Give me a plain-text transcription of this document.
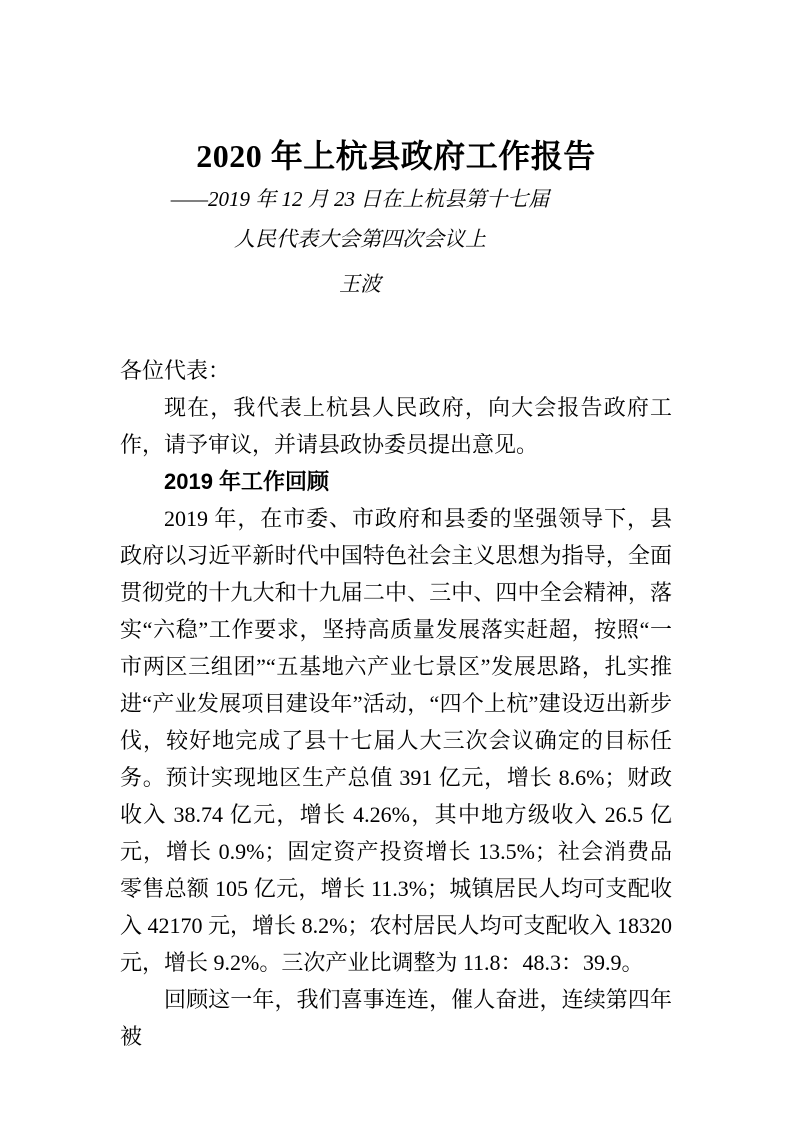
2020 年上杭县政府工作报告
——2019 年 12 月 23 日在上杭县第十七届
人民代表大会第四次会议上
王波

各位代表：

现在，我代表上杭县人民政府，向大会报告政府工作，请予审议，并请县政协委员提出意见。

2019 年工作回顾

2019 年，在市委、市政府和县委的坚强领导下，县政府以习近平新时代中国特色社会主义思想为指导，全面贯彻党的十九大和十九届二中、三中、四中全会精神，落实“六稳”工作要求，坚持高质量发展落实赶超，按照“一市两区三组团”“五基地六产业七景区”发展思路，扎实推进“产业发展项目建设年”活动，“四个上杭”建设迈出新步伐，较好地完成了县十七届人大三次会议确定的目标任务。预计实现地区生产总值 391 亿元，增长 8.6%；财政收入 38.74 亿元，增长 4.26%，其中地方级收入 26.5 亿元，增长 0.9%；固定资产投资增长 13.5%；社会消费品零售总额 105 亿元，增长 11.3%；城镇居民人均可支配收入 42170 元，增长 8.2%；农村居民人均可支配收入 18320 元，增长 9.2%。三次产业比调整为 11.8：48.3：39.9。

回顾这一年，我们喜事连连，催人奋进，连续第四年被
